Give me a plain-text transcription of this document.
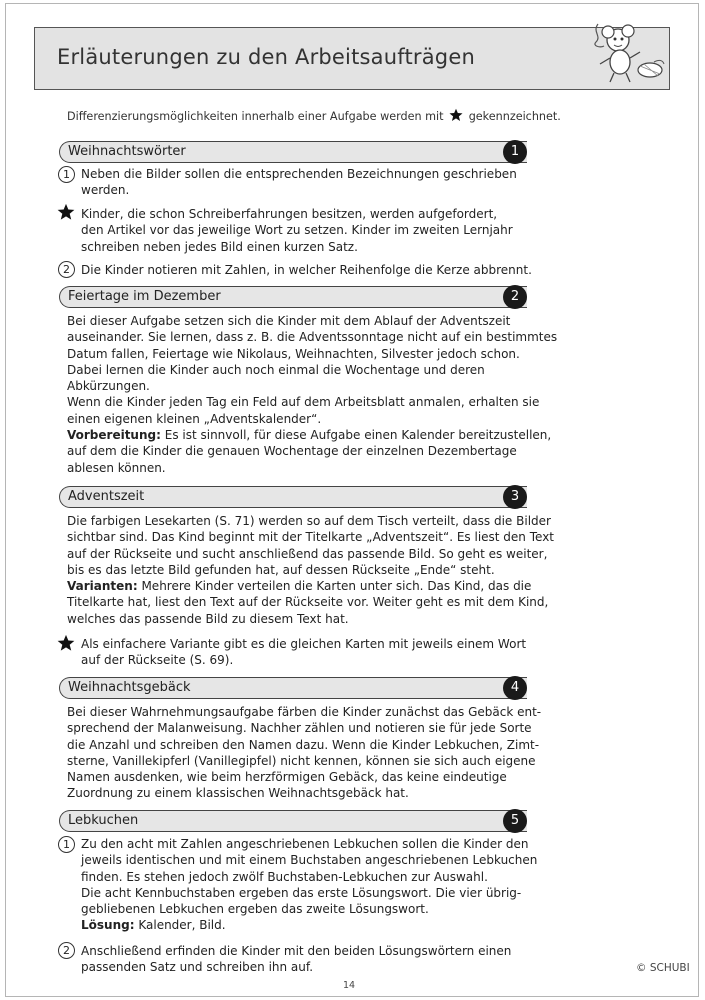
Erläuterungen zu den Arbeitsaufträgen
Differenzierungsmöglichkeiten innerhalb einer Aufgabe werden mit gekennzeichnet.
Weihnachtswörter	1
1 Neben die Bilder sollen die entsprechenden Bezeichnungen geschrieben
werden.
Kinder, die schon Schreiberfahrungen besitzen, werden aufgefordert,
den Artikel vor das jeweilige Wort zu setzen. Kinder im zweiten Lernjahr
schreiben neben jedes Bild einen kurzen Satz.
2 Die Kinder notieren mit Zahlen, in welcher Reihenfolge die Kerze abbrennt.
Feiertage im Dezember	2
Bei dieser Aufgabe setzen sich die Kinder mit dem Ablauf der Adventszeit
auseinander. Sie lernen, dass z. B. die Adventssonntage nicht auf ein bestimmtes
Datum fallen, Feiertage wie Nikolaus, Weihnachten, Silvester jedoch schon.
Dabei lernen die Kinder auch noch einmal die Wochentage und deren
Abkürzungen.
Wenn die Kinder jeden Tag ein Feld auf dem Arbeitsblatt anmalen, erhalten sie
einen eigenen kleinen „Adventskalender“.
Vorbereitung: Es ist sinnvoll, für diese Aufgabe einen Kalender bereitzustellen,
auf dem die Kinder die genauen Wochentage der einzelnen Dezembertage
ablesen können.
Adventszeit	3
Die farbigen Lesekarten (S. 71) werden so auf dem Tisch verteilt, dass die Bilder
sichtbar sind. Das Kind beginnt mit der Titelkarte „Adventszeit“. Es liest den Text
auf der Rückseite und sucht anschließend das passende Bild. So geht es weiter,
bis es das letzte Bild gefunden hat, auf dessen Rückseite „Ende“ steht.
Varianten: Mehrere Kinder verteilen die Karten unter sich. Das Kind, das die
Titelkarte hat, liest den Text auf der Rückseite vor. Weiter geht es mit dem Kind,
welches das passende Bild zu diesem Text hat.
Als einfachere Variante gibt es die gleichen Karten mit jeweils einem Wort
auf der Rückseite (S. 69).
Weihnachtsgebäck	4
Bei dieser Wahrnehmungsaufgabe färben die Kinder zunächst das Gebäck ent-
sprechend der Malanweisung. Nachher zählen und notieren sie für jede Sorte
die Anzahl und schreiben den Namen dazu. Wenn die Kinder Lebkuchen, Zimt-
sterne, Vanillekipferl (Vanillegipfel) nicht kennen, können sie sich auch eigene
Namen ausdenken, wie beim herzförmigen Gebäck, das keine eindeutige
Zuordnung zu einem klassischen Weihnachtsgebäck hat.
Lebkuchen	5
1 Zu den acht mit Zahlen angeschriebenen Lebkuchen sollen die Kinder den
jeweils identischen und mit einem Buchstaben angeschriebenen Lebkuchen
finden. Es stehen jedoch zwölf Buchstaben-Lebkuchen zur Auswahl.
Die acht Kennbuchstaben ergeben das erste Lösungswort. Die vier übrig-
gebliebenen Lebkuchen ergeben das zweite Lösungswort.
Lösung: Kalender, Bild.
2 Anschließend erfinden die Kinder mit den beiden Lösungswörtern einen
passenden Satz und schreiben ihn auf.	© SCHUBI
14
